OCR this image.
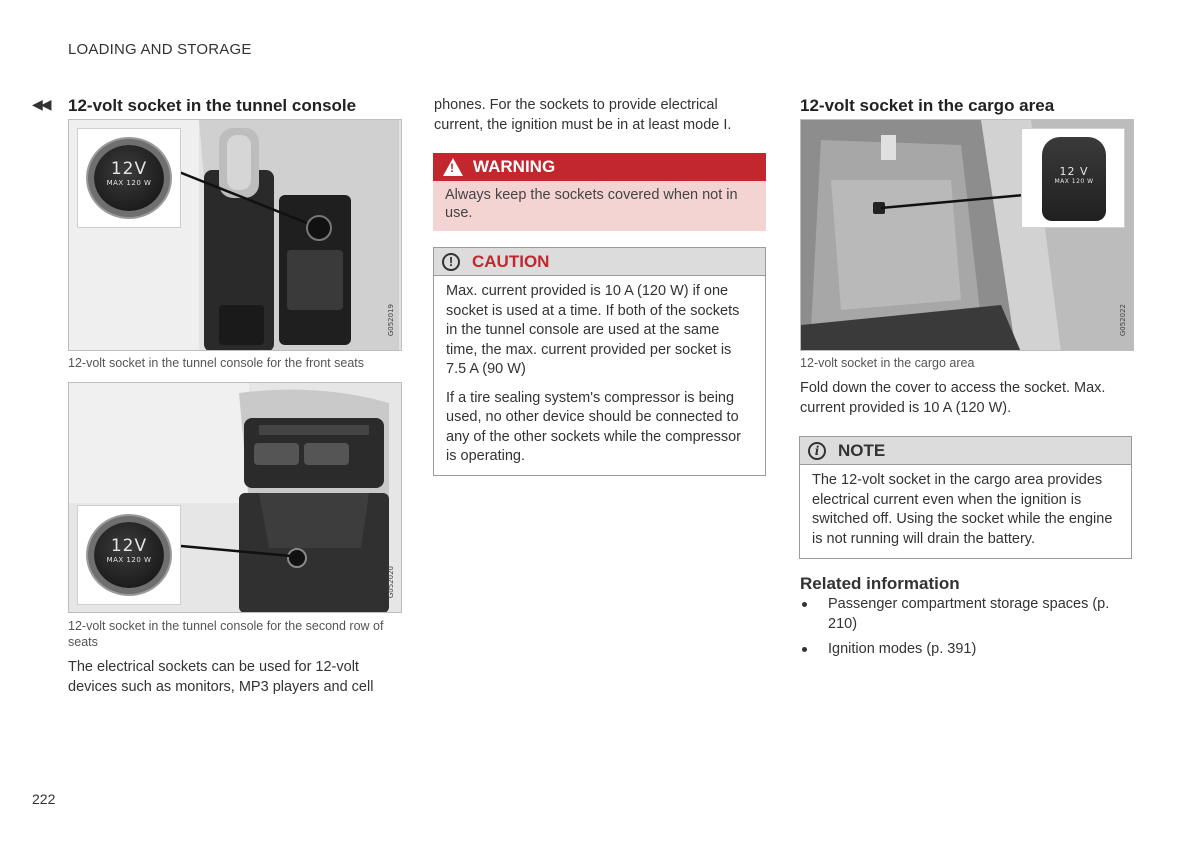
LOADING AND STORAGE
◀◀ 12-volt socket in the tunnel console
12V
MAX 120 W
G052019
12-volt socket in the tunnel console for the front seats
12V
MAX 120 W
G052020
12-volt socket in the tunnel console for the second row of seats
The electrical sockets can be used for 12-volt devices such as monitors, MP3 players and cell
phones. For the sockets to provide electrical current, the ignition must be in at least mode I.
!
WARNING
Always keep the sockets covered when not in use.
!	CAUTION

Max. current provided is 10 A (120 W) if one socket is used at a time. If both of the sockets in the tunnel console are used at the same time, the max. current provided per socket is 7.5 A (90 W)

If a tire sealing system's compressor is being used, no other device should be connected to any of the other sockets while the compressor is operating.

12-volt socket in the cargo area
12 V
MAX 120 W
G052022
12-volt socket in the cargo area
Fold down the cover to access the socket. Max. current provided is 10 A (120 W).
i	NOTE
The 12-volt socket in the cargo area provides electrical current even when the ignition is switched off. Using the socket while the engine is not running will drain the battery.
Related information
Passenger compartment storage spaces (p. 210)
Ignition modes (p. 391)
222
